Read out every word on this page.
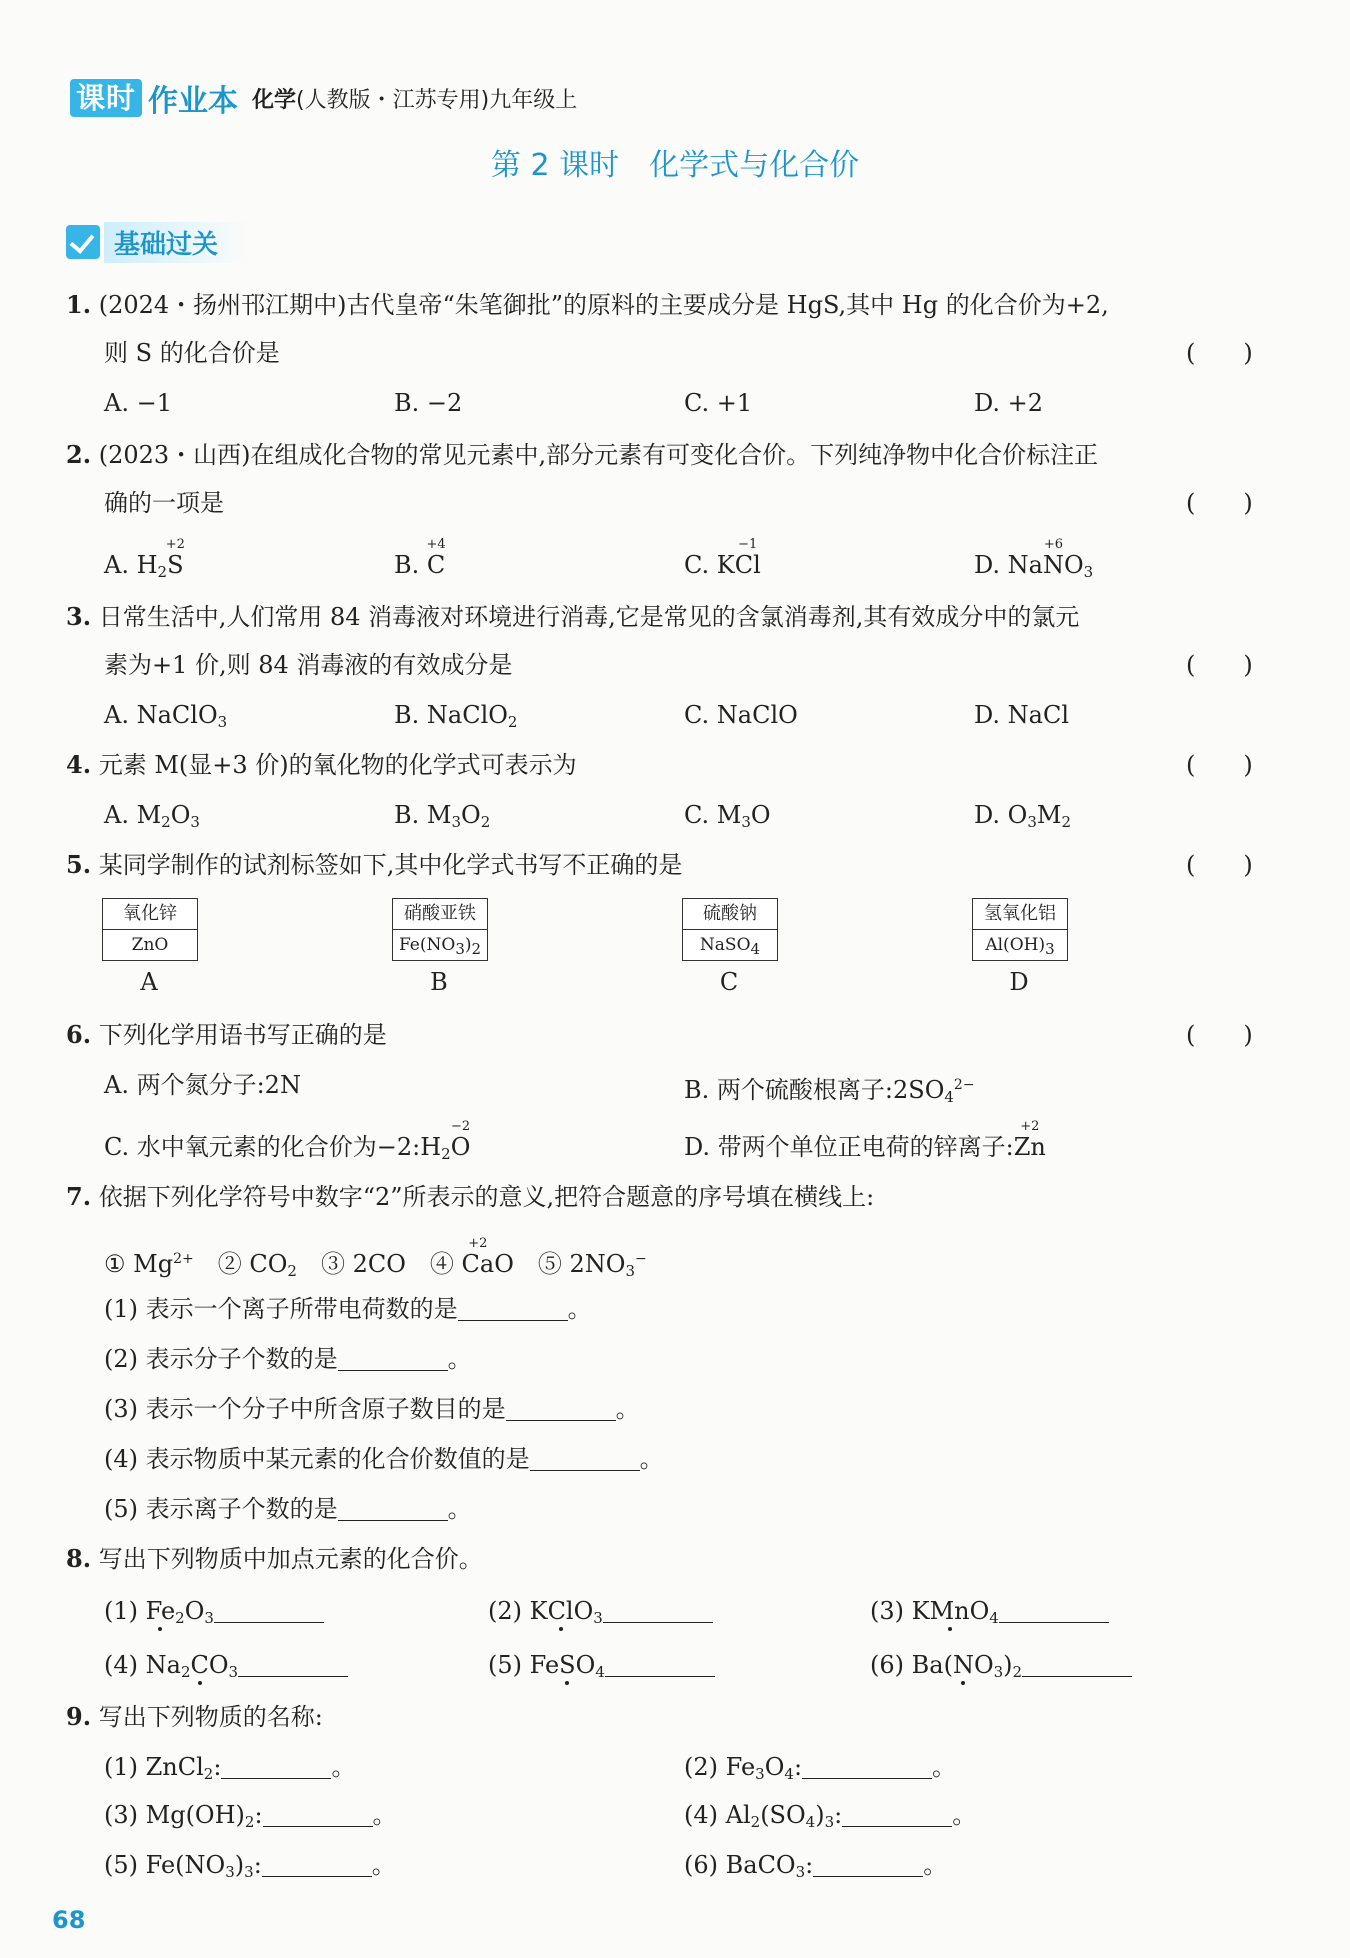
课时 作业本 化学(人教版・江苏专用)九年级上
第 2 课时　化学式与化合价
基础过关
1. (2024・扬州邗江期中)古代皇帝“朱笔御批”的原料的主要成分是 HgS,其中 Hg 的化合价为+2,
则 S 的化合价是	(　　)
A. −1	B. −2	C. +1	D. +2
2. (2023・山西)在组成化合物的常见元素中,部分元素有可变化合价。下列纯净物中化合价标注正
确的一项是	(　　)
A. $H_2S$
+2
B. C
+4
C. KCl
−1
D. NaN
+6
$O_3$
3. 日常生活中,人们常用 84 消毒液对环境进行消毒,它是常见的含氯消毒剂,其有效成分中的氯元
素为+1 价,则 84 消毒液的有效成分是	(　　)
A. NaClO$_3$	B. NaClO$_2$	C. NaClO	D. NaCl
4. 元素 M(显+3 价)的氧化物的化学式可表示为	(　　)
A. $M_2O_3$	B. $M_3O_2$	C. $M_3O$	D. $O_3M_2$
5. 某同学制作的试剂标签如下,其中化学式书写不正确的是	(　　)
氧化锌
ZnO
A
硝酸亚铁
$Fe(NO_3)_2$
B
硫酸钠
NaSO$_4$
C
氢氧化铝
$Al(OH)_3$
D
6. 下列化学用语书写正确的是	(　　)
A. 两个氮分子:2N	B. 两个硫酸根离子$:2SO_4^{2-}$
C. 水中氧元素的化合价为$-2:H_2O$
−2
D. 带两个单位正电荷的锌离子:Zn
+2
7. 依据下列化学符号中数字“2”所表示的意义,把符合题意的序号填在横线上:
① $Mg^{2+}$　② $CO_2$　③ 2CO　④ Ca
+2
O　⑤ $2NO_3^-$
(1) 表示一个离子所带电荷数的是	。
(2) 表示分子个数的是	。
(3) 表示一个分子中所含原子数目的是	。
(4) 表示物质中某元素的化合价数值的是	。
(5) 表示离子个数的是	。
8. 写出下列物质中加点元素的化合价。
(1) $Fe_2O_3$	(2) KClO$_3$	(3) KMnO$_4$
(4) $Na_2CO_3$	(5) FeSO$_4$	(6) $Ba(NO_3)_2$
9. 写出下列物质的名称:
(1) ZnCl$_2$:	。	(2) $Fe_3O_4$:	。
(3) $Mg(OH)_2$:	。	(4) $Al_2(SO_4)_3$:	。
(5) $Fe(NO_3)_3$:	。	(6) BaCO$_3$:	。
68
